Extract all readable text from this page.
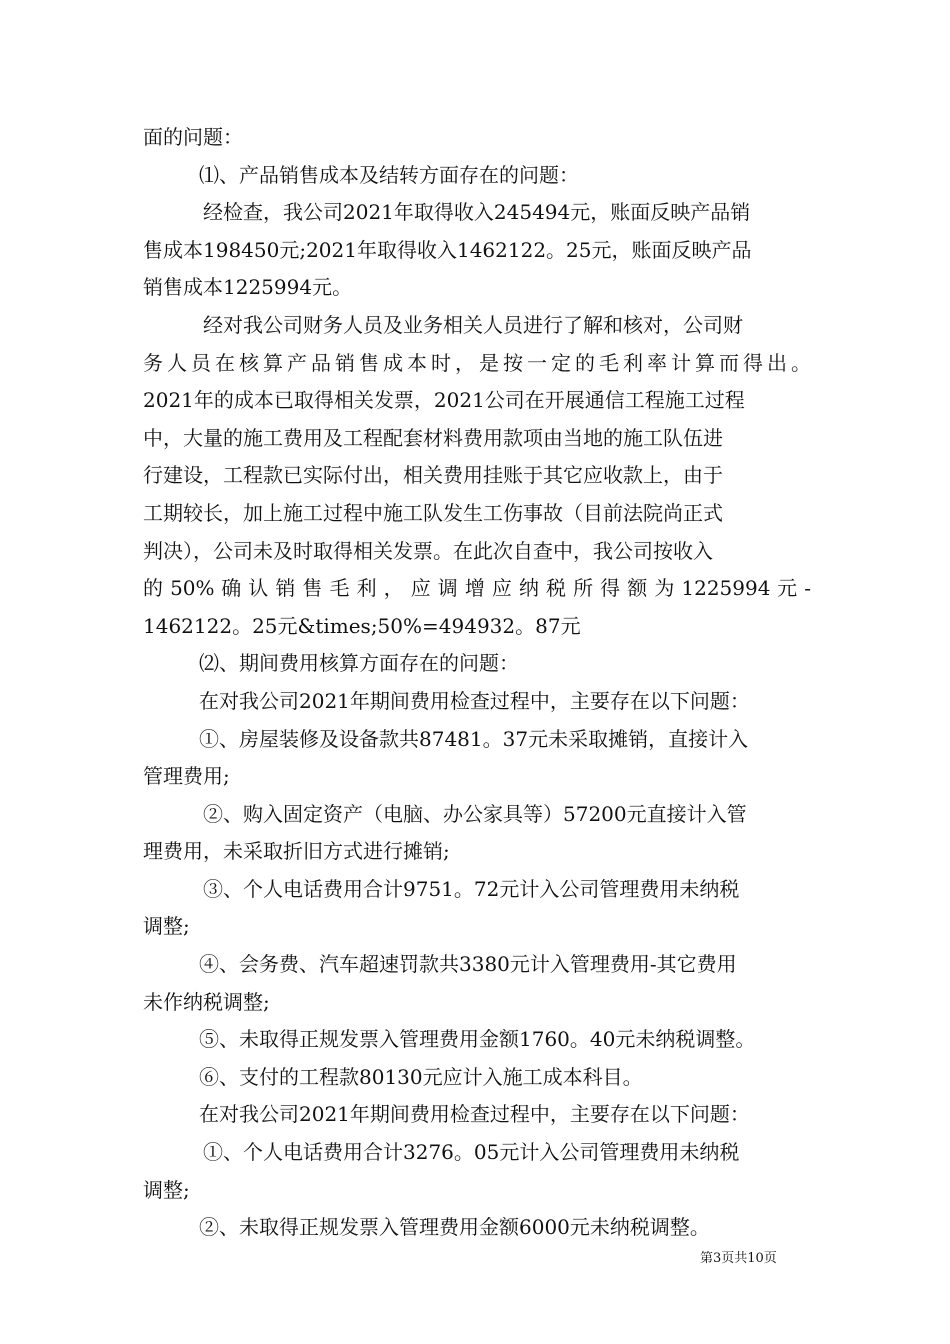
面的问题：
⑴、产品销售成本及结转方面存在的问题：
经检查，我公司2021年取得收入245494元，账面反映产品销
售成本198450元;2021年取得收入1462122。25元，账面反映产品
销售成本1225994元。
经对我公司财务人员及业务相关人员进行了解和核对，公司财
务人员在核算产品销售成本时，是按一定的毛利率计算而得出。
2021年的成本已取得相关发票，2021公司在开展通信工程施工过程
中，大量的施工费用及工程配套材料费用款项由当地的施工队伍进
行建设，工程款已实际付出，相关费用挂账于其它应收款上，由于
工期较长，加上施工过程中施工队发生工伤事故（目前法院尚正式
判决），公司未及时取得相关发票。在此次自查中，我公司按收入
的 50% 确 认 销 售 毛 利 ， 应 调 增 应 纳 税 所 得 额 为 1225994 元 -
1462122。25元&times;50%=494932。87元
⑵、期间费用核算方面存在的问题：
在对我公司2021年期间费用检查过程中，主要存在以下问题：
①、房屋装修及设备款共87481。37元未采取摊销，直接计入
管理费用;
②、购入固定资产（电脑、办公家具等）57200元直接计入管
理费用，未采取折旧方式进行摊销;
③、个人电话费用合计9751。72元计入公司管理费用未纳税
调整;
④、会务费、汽车超速罚款共3380元计入管理费用-其它费用
未作纳税调整;
⑤、未取得正规发票入管理费用金额1760。40元未纳税调整。
⑥、支付的工程款80130元应计入施工成本科目。
在对我公司2021年期间费用检查过程中，主要存在以下问题：
①、个人电话费用合计3276。05元计入公司管理费用未纳税
调整;
②、未取得正规发票入管理费用金额6000元未纳税调整。
第3页共10页
